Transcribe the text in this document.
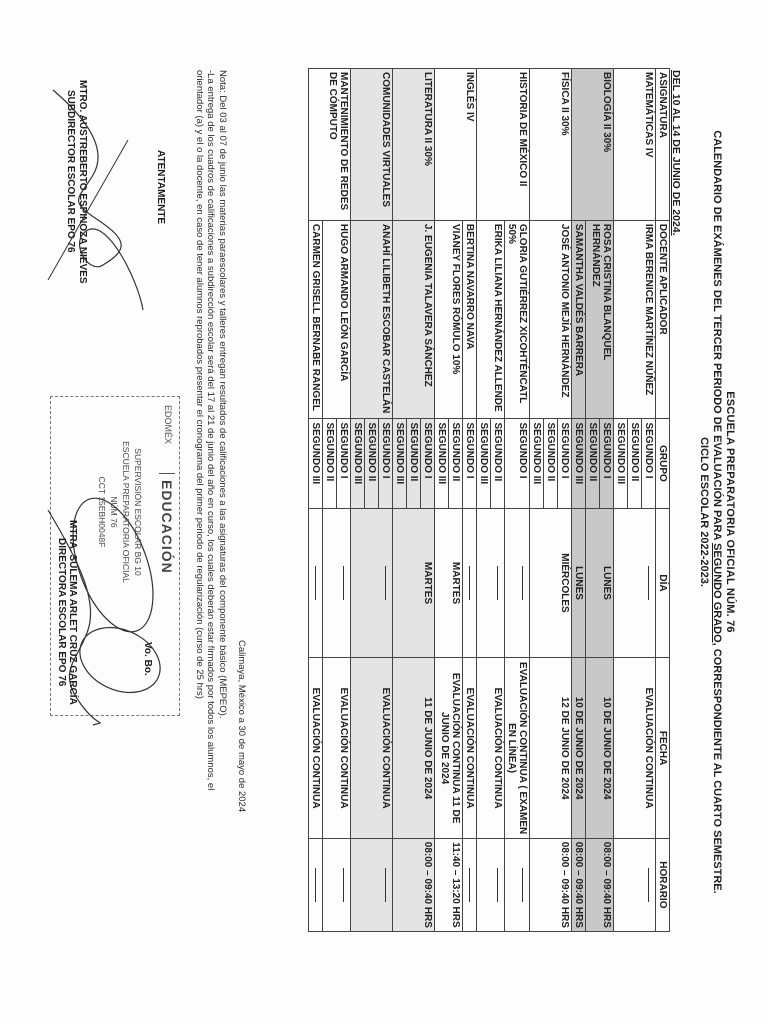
ESCUELA PREPARATORIA OFICIAL NÚM. 76
CALENDARIO DE EXÁMENES DEL TERCER PERIODO DE EVALUACIÓN PARA SEGUNDO GRADO, CORRESPONDIENTE AL CUARTO SEMESTRE.
CICLO ESCOLAR 2022-2023.
DEL 10 AL 14 DE JUNIO DE 2024.
ASIGNATURA	DOCENTE APLICADOR	GRUPO	DÍA	FECHA	HORARIO
MATEMÁTICAS IV	IRMA BERENICE MARTÍNEZ NÚÑEZ	SEGUNDO I		EVALUACIÓN CONTINUA	
		SEGUNDO II			
		SEGUNDO III			
BIOLOGÍA II 30%	ROSA CRISTINA BLANQUEL HERNÁNDEZ	SEGUNDO I	LUNES	10 DE JUNIO DE 2024	08:00 – 09:40 HRS
		SEGUNDO II			
	SAMANTHA VALDÉS BARRERA	SEGUNDO III	LUNES	10 DE JUNIO DE 2024	08:00 – 09:40 HRS
FÍSICA II 30%	JOSÉ ANTONIO MEJÍA HERNÁNDEZ	SEGUNDO I	MIÉRCOLES	12 DE JUNIO DE 2024	08:00 – 09:40 HRS
		SEGUNDO II			
		SEGUNDO III			
HISTORIA DE MÉXICO II	GLORIA GUTIÉRREZ XICOHTÉNCATL 50%	SEGUNDO I		EVALUACIÓN CONTINUA ( EXAMEN EN LÍNEA)	
	ERIKA LILIANA HERNÁNDEZ ALLENDE	SEGUNDO II		EVALUACIÓN CONTINUA	
		SEGUNDO III			
INGLÉS IV	BERTINA NAVARRO NAVA	SEGUNDO I		EVALUACIÓN CONTINUA	
	VIANEY FLORES RÓMULO 10%	SEGUNDO II	MARTES	EVALUACIÓN CONTINUA 11 DE JUNIO DE 2024	11:40 – 13:20 HRS
		SEGUNDO III			
LITERATURA II 30%	J. EUGENIA TALAVERA SÁNCHEZ	SEGUNDO I	MARTES	11 DE JUNIO DE 2024	08:00 – 09:40 HRS
		SEGUNDO II			
		SEGUNDO III			
COMUNIDADES VIRTUALES	ANAHÍ LILIBETH ESCOBAR CASTELÁN	SEGUNDO I		EVALUACIÓN CONTINUA	
		SEGUNDO II			
		SEGUNDO III			
MANTENIMIENTO DE REDES DE CÓMPUTO	HUGO ARMANDO LEÓN GARCÍA	SEGUNDO I		EVALUACIÓN CONTINUA	
		SEGUNDO II			
	CARMEN GRISELL BERNABE RANGEL	SEGUNDO III		EVALUACIÓN CONTINUA	
Calimaya, México a 30 de mayo de 2024
Nota: Del 03 al 07 de junio las materias paraescolares y talleres entregan resultados de calificaciones a las asignaturas del componente básico (MEPEO).
-La entrega de los cuadros de calificaciones a subdirección escolar será del 17 al 21 de junio del año en curso, los cuales deberán estar firmados por todos los alumnos, el
orientador (a) y el o la docente, en caso de tener alumnos reprobados presentar el cronograma del primer periodo de regularización (curso de 25 hrs)
ATENTAMENTE
MTRO. AUSTREBERTO ESPINOZA NIEVES
SUBDIRECTOR ESCOLAR EPO 76
EDOMÉX
EDUCACIÓN
SUPERVISIÓN ESCOLAR BG 10
ESCUELA PREPARATORIA OFICIAL
NÚM 76
CCT 15EBH0048F
Vo. Bo.
MTRA. SULEMA ARLET CRUZ GARCÍA
DIRECTORA ESCOLAR EPO 76
